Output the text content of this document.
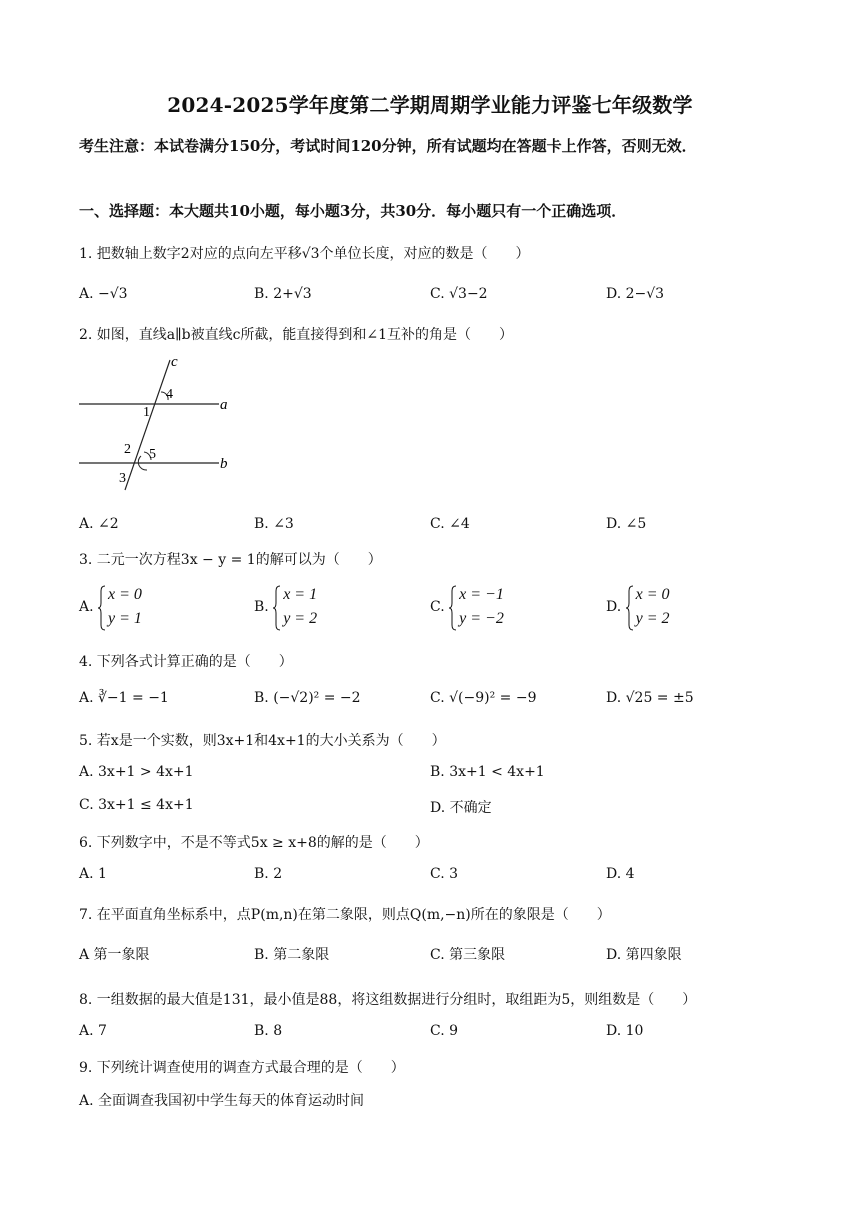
2024-2025学年度第二学期周期学业能力评鉴七年级数学
考生注意：本试卷满分150分，考试时间120分钟，所有试题均在答题卡上作答，否则无效．
一、选择题：本大题共10小题，每小题3分，共30分．每小题只有一个正确选项．
1. 把数轴上数字2对应的点向左平移√3个单位长度，对应的数是（　　）
A. −√3	B. 2+√3	C. √3−2	D. 2−√3
2. 如图，直线a∥b被直线c所截，能直接得到和∠1互补的角是（　　）
a
b
c
1
4
2 5
3
A. ∠2	B. ∠3	C. ∠4	D. ∠5
3. 二元一次方程3x − y = 1的解可以为（　　）
A.
x = 0
y = 1
B.
x = 1
y = 2
C.
x = −1
y = −2
D.
x = 0
y = 2
4. 下列各式计算正确的是（　　）
A. ∛−1 = −1	B. (−√2)² = −2	C. √(−9)² = −9	D. √25 = ±5
5. 若x是一个实数，则3x+1和4x+1的大小关系为（　　）
A. 3x+1 > 4x+1	B. 3x+1 < 4x+1
C. 3x+1 ≤ 4x+1	D. 不确定
6. 下列数字中，不是不等式5x ≥ x+8的解的是（　　）
A. 1	B. 2	C. 3	D. 4
7. 在平面直角坐标系中，点P(m,n)在第二象限，则点Q(m,−n)所在的象限是（　　）
A 第一象限	B. 第二象限	C. 第三象限	D. 第四象限
8. 一组数据的最大值是131，最小值是88，将这组数据进行分组时，取组距为5，则组数是（　　）
A. 7	B. 8	C. 9	D. 10
9. 下列统计调查使用的调查方式最合理的是（　　）
A. 全面调查我国初中学生每天的体育运动时间
